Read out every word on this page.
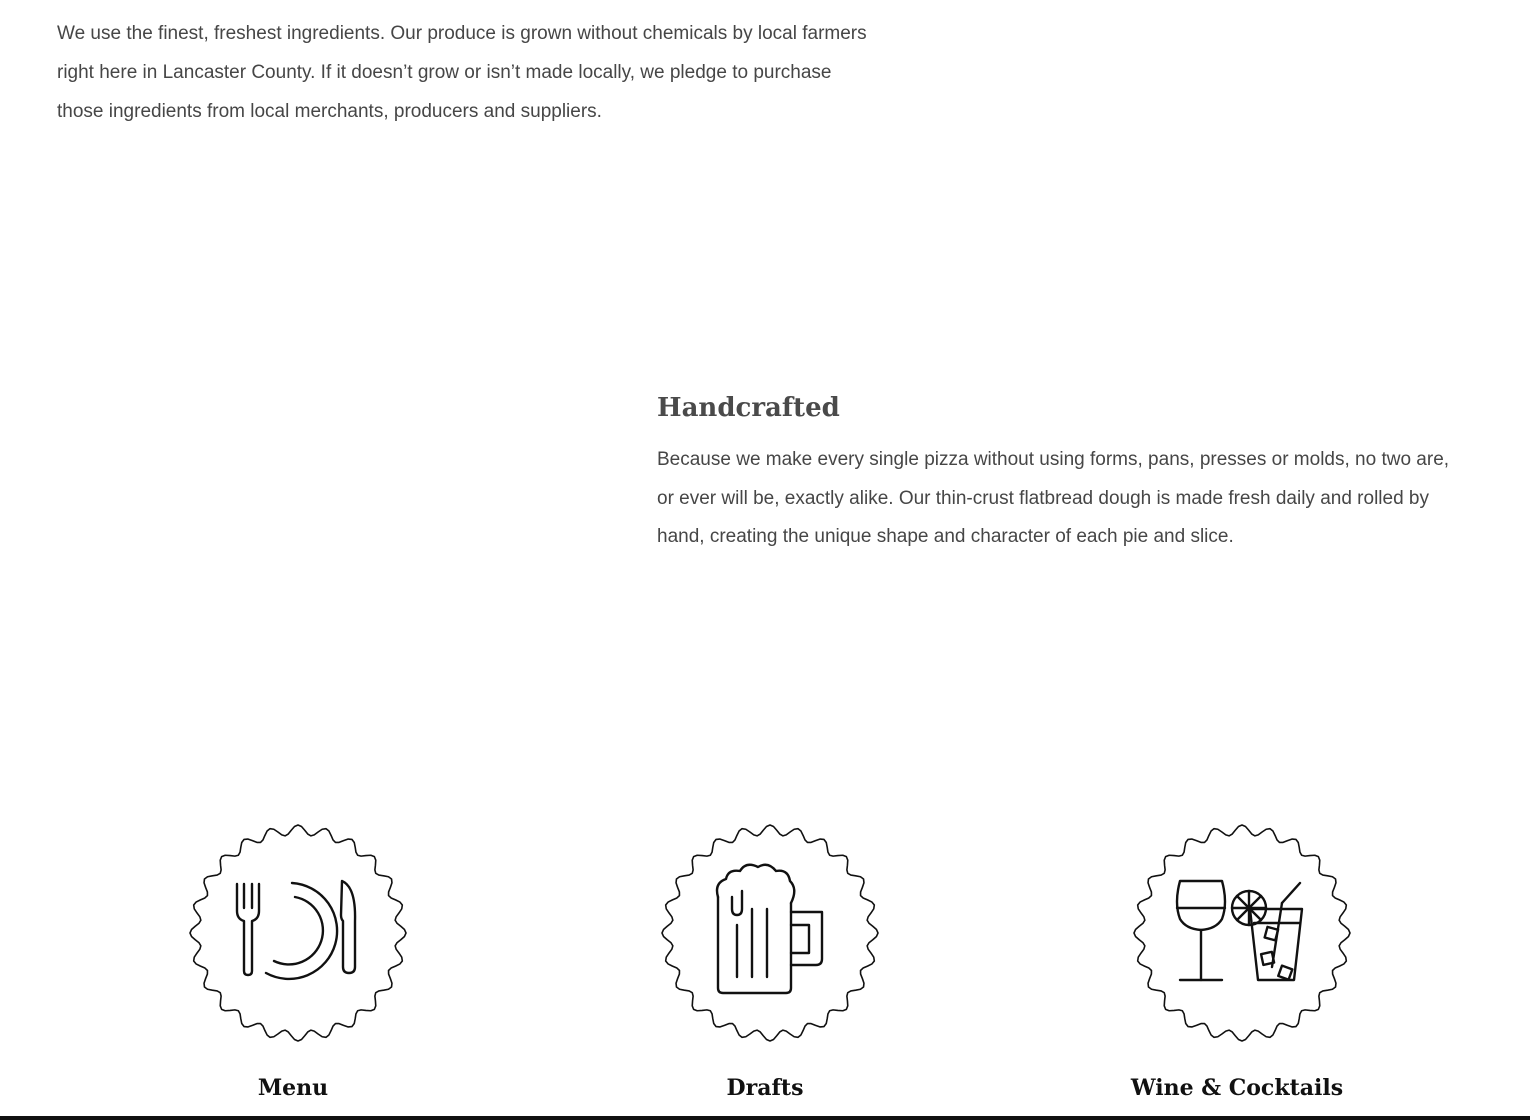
We use the finest, freshest ingredients. Our produce is grown without chemicals by local farmers right here in Lancaster County. If it doesn’t grow or isn’t made locally, we pledge to purchase those ingredients from local merchants, producers and suppliers.

Handcrafted

Because we make every single pizza without using forms, pans, presses or molds, no two are, or ever will be, exactly alike. Our thin-crust flatbread dough is made fresh daily and rolled by hand, creating the unique shape and character of each pie and slice.

Menu	Drafts	Wine & Cocktails
